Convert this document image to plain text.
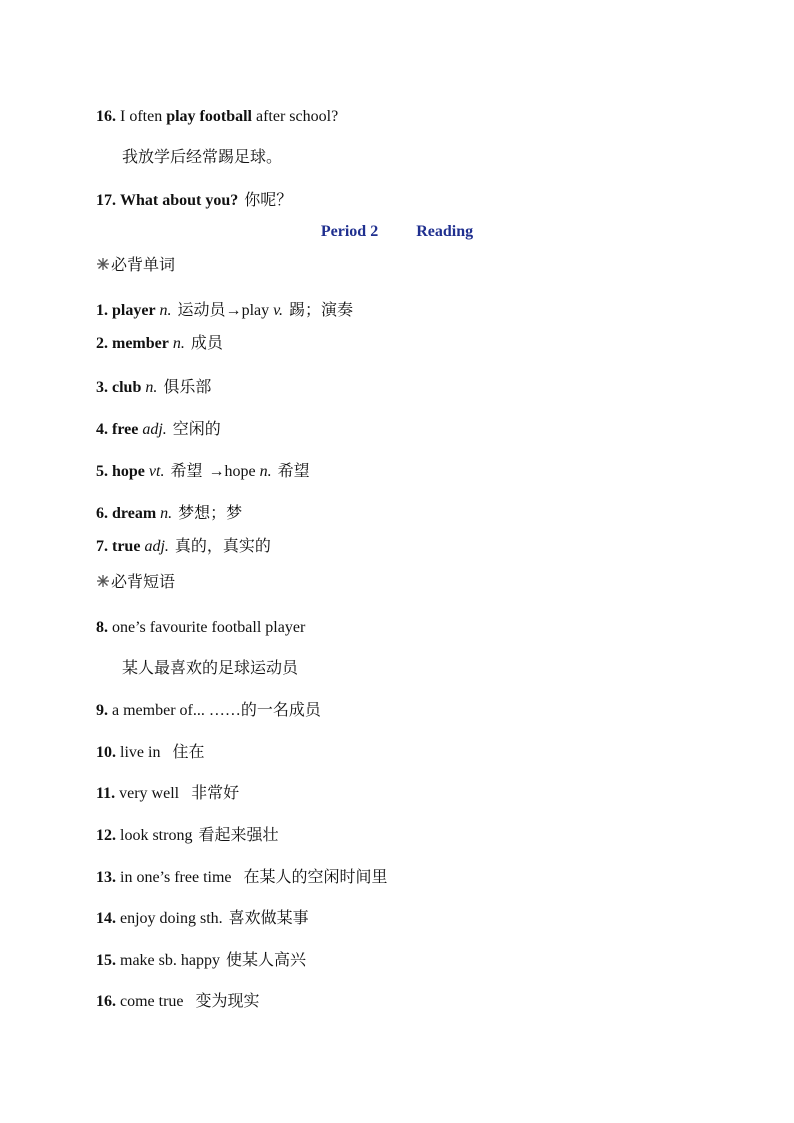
16. I often play football after school?
我放学后经常踢足球。
17. What about you? 你呢？
Period 2 Reading
必背单词
1. player n. 运动员→play v. 踢；演奏
2. member n. 成员
3. club n. 俱乐部
4. free adj. 空闲的
5. hope vt. 希望 →hope n. 希望
6. dream n. 梦想；梦
7. true adj. 真的，真实的
必背短语
8. one’s favourite football player
某人最喜欢的足球运动员
9. a member of... ……的一名成员
10. live in 住在
11. very well 非常好
12. look strong 看起来强壮
13. in one’s free time 在某人的空闲时间里
14. enjoy doing sth. 喜欢做某事
15. make sb. happy 使某人高兴
16. come true 变为现实
